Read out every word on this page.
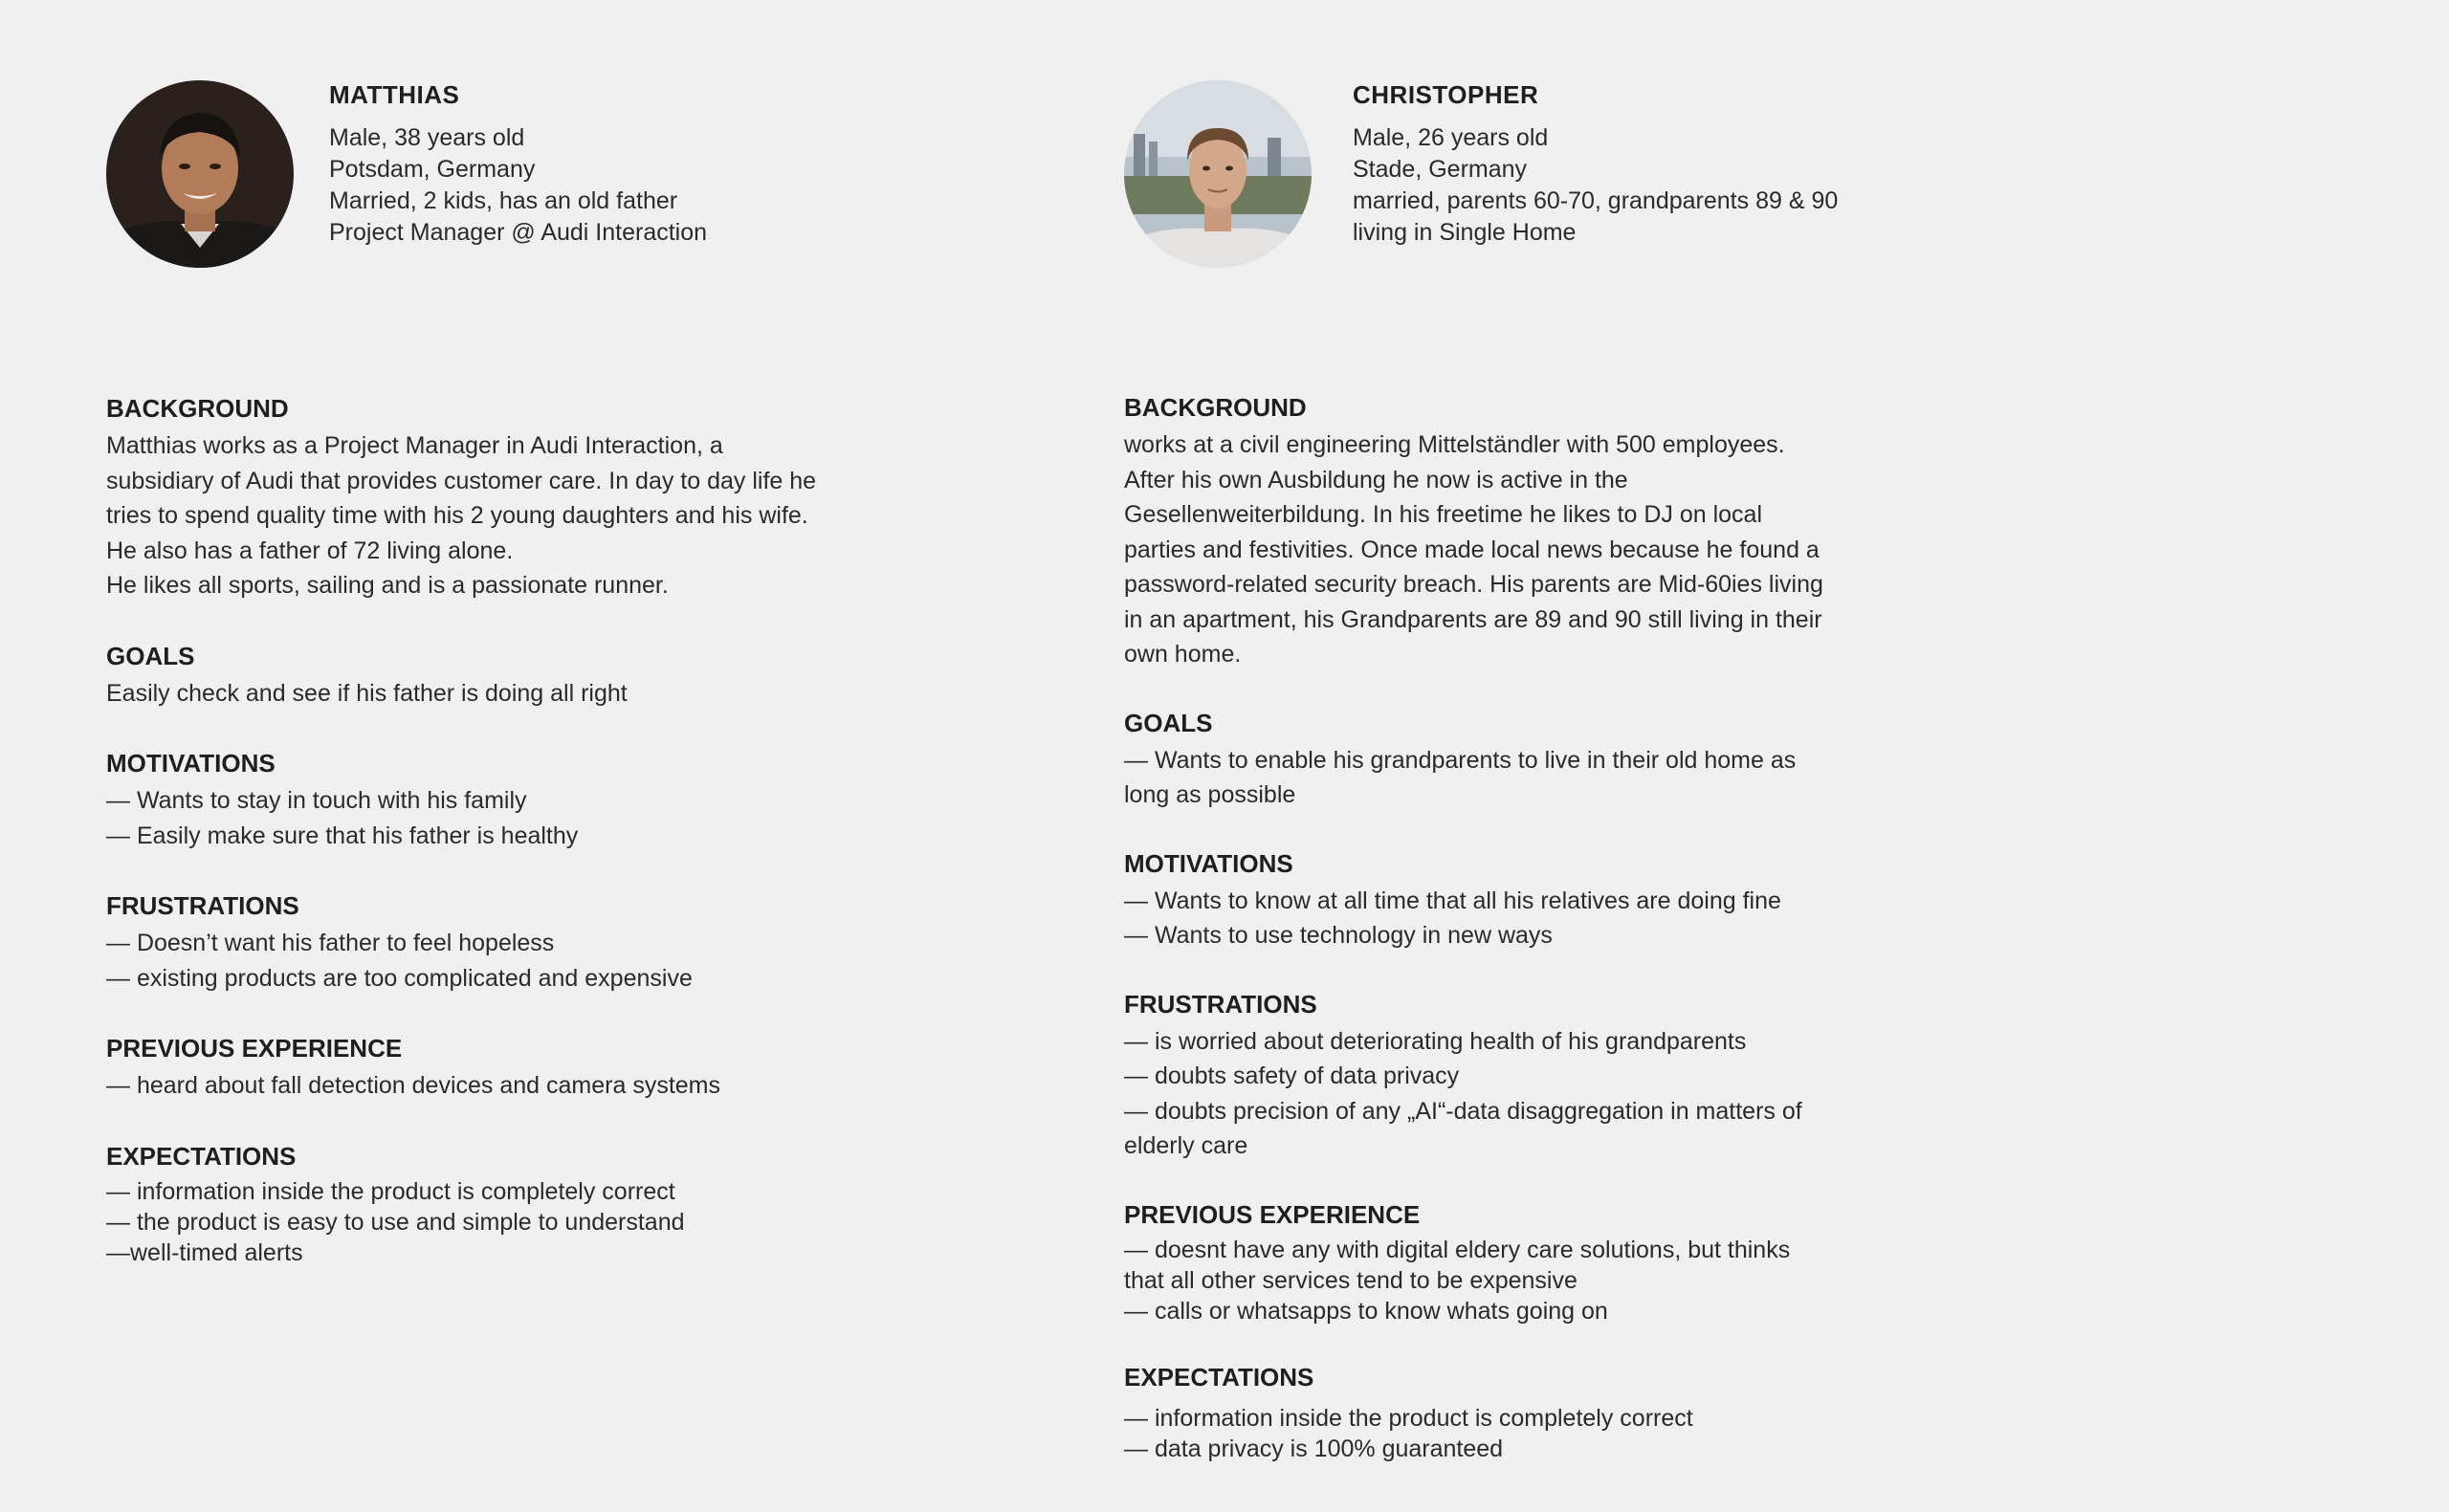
MATTHIAS
Male, 38 years old
Potsdam, Germany
Married, 2 kids, has an old father
Project Manager @ Audi Interaction
BACKGROUND
Matthias works as a Project Manager in Audi Interaction, a
subsidiary of Audi that provides customer care. In day to day life he
tries to spend quality time with his 2 young daughters and his wife.
He also has a father of 72 living alone.
He likes all sports, sailing and is a passionate runner.
GOALS
Easily check and see if his father is doing all right
MOTIVATIONS
— Wants to stay in touch with his family
— Easily make sure that his father is healthy
FRUSTRATIONS
— Doesn’t want his father to feel hopeless
— existing products are too complicated and expensive
PREVIOUS EXPERIENCE
— heard about fall detection devices and camera systems
EXPECTATIONS
— information inside the product is completely correct
— the product is easy to use and simple to understand
—well-timed alerts
CHRISTOPHER
Male, 26 years old
Stade, Germany
married, parents 60-70, grandparents 89 & 90
living in Single Home
BACKGROUND
works at a civil engineering Mittelständler with 500 employees.
After his own Ausbildung he now is active in the
Gesellenweiterbildung. In his freetime he likes to DJ on local
parties and festivities. Once made local news because he found a
password-related security breach. His parents are Mid-60ies living
in an apartment, his Grandparents are 89 and 90 still living in their
own home.
GOALS
— Wants to enable his grandparents to live in their old home as
long as possible
MOTIVATIONS
— Wants to know at all time that all his relatives are doing fine
— Wants to use technology in new ways
FRUSTRATIONS
— is worried about deteriorating health of his grandparents
— doubts safety of data privacy
— doubts precision of any „AI“-data disaggregation in matters of
elderly care
PREVIOUS EXPERIENCE
— doesnt have any with digital eldery care solutions, but thinks
that all other services tend to be expensive
— calls or whatsapps to know whats going on
EXPECTATIONS
— information inside the product is completely correct
— data privacy is 100% guaranteed
